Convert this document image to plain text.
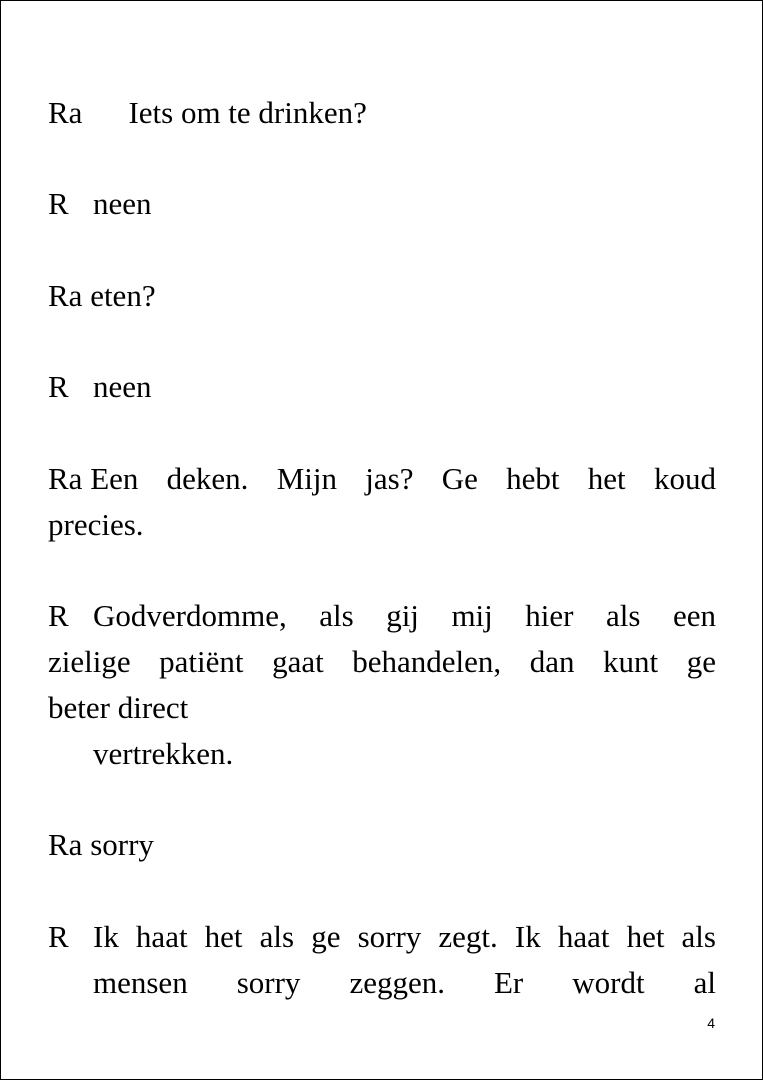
Ra Iets om te drinken?
R neen
Ra eten?
R neen
Ra Een deken. Mijn jas? Ge hebt het koud
precies.
R Godverdomme, als gij mij hier als een
zielige patiënt gaat behandelen, dan kunt ge
beter direct
vertrekken.
Ra sorry
R Ik haat het als ge sorry zegt. Ik haat het als
mensen sorry zeggen. Er wordt al
4
